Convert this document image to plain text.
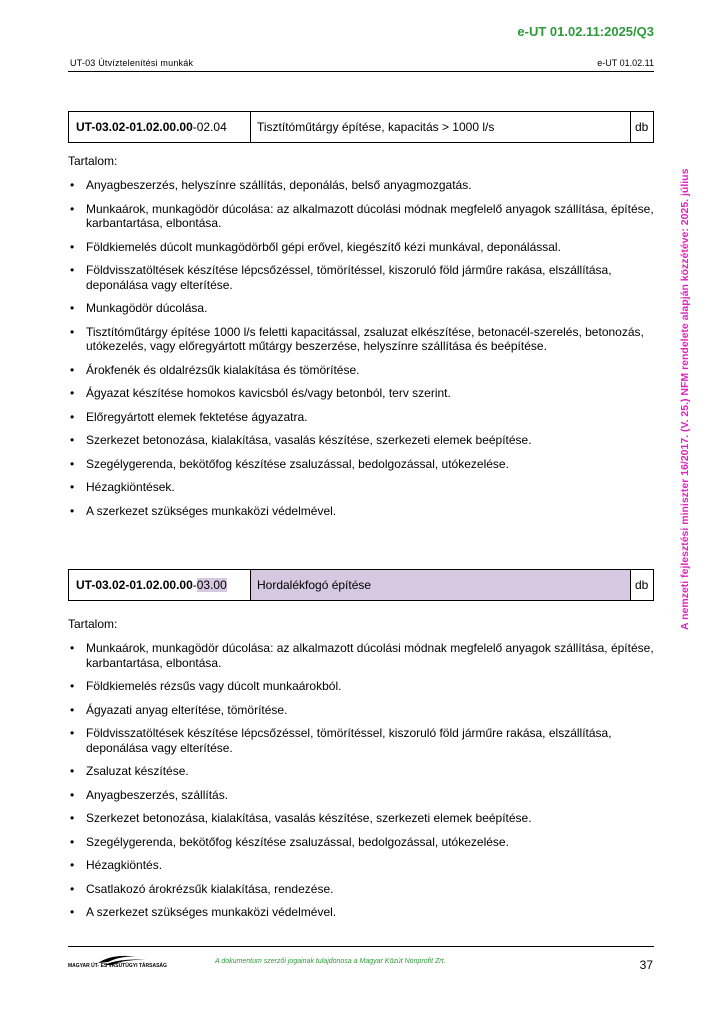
e-UT 01.02.11:2025/Q3
UT-03 Útvíztelenítési munkák	e-UT 01.02.11
UT-03.02-01.02.00.00 - 02.04	Tisztítóműtárgy építése, kapacitás > 1000 l/s	db
Tartalom:
• Anyagbeszerzés, helyszínre szállítás, deponálás, belső anyagmozgatás.
• Munkaárok, munkagödör dúcolása: az alkalmazott dúcolási módnak megfelelő anyagok szállítása, építése, karbantartása, elbontása.
• Földkiemelés dúcolt munkagödörből gépi erővel, kiegészítő kézi munkával, deponálással.
• Földvisszatöltések készítése lépcsőzéssel, tömörítéssel, kiszoruló föld járműre rakása, elszállítása, deponálása vagy elterítése.
• Munkagödör dúcolása.
• Tisztítóműtárgy építése 1000 l/s feletti kapacitással, zsaluzat elkészítése, betonacél-szerelés, betonozás, utókezelés, vagy előregyártott műtárgy beszerzése, helyszínre szállítása és beépítése.
• Árokfenék és oldalrézsűk kialakítása és tömörítése.
• Ágyazat készítése homokos kavicsból és/vagy betonból, terv szerint.
• Előregyártott elemek fektetése ágyazatra.
• Szerkezet betonozása, kialakítása, vasalás készítése, szerkezeti elemek beépítése.
• Szegélygerenda, bekötőfog készítése zsaluzással, bedolgozással, utókezelése.
• Hézagkiöntések.
• A szerkezet szükséges munkaközi védelmével.
UT-03.02-01.02.00.00 - 03.00	Hordalékfogó építése	db
Tartalom:
• Munkaárok, munkagödör dúcolása: az alkalmazott dúcolási módnak megfelelő anyagok szállítása, építése, karbantartása, elbontása.
• Földkiemelés rézsűs vagy dúcolt munkaárokból.
• Ágyazati anyag elterítése, tömörítése.
• Földvisszatöltések készítése lépcsőzéssel, tömörítéssel, kiszoruló föld járműre rakása, elszállítása, deponálása vagy elterítése.
• Zsaluzat készítése.
• Anyagbeszerzés, szállítás.
• Szerkezet betonozása, kialakítása, vasalás készítése, szerkezeti elemek beépítése.
• Szegélygerenda, bekötőfog készítése zsaluzással, bedolgozással, utókezelése.
• Hézagkiöntés.
• Csatlakozó árokrézsűk kialakítása, rendezése.
• A szerkezet szükséges munkaközi védelmével.
A nemzeti fejlesztési miniszter 16/2017. (V. 25.) NFM rendelete alapján közzétéve: 2025. július
MAGYAR ÚT- ÉS VASÚTÜGYI TÁRSASÁG
A dokumentum szerzői jogainak tulajdonosa a Magyar Közút Nonprofit Zrt.	37
